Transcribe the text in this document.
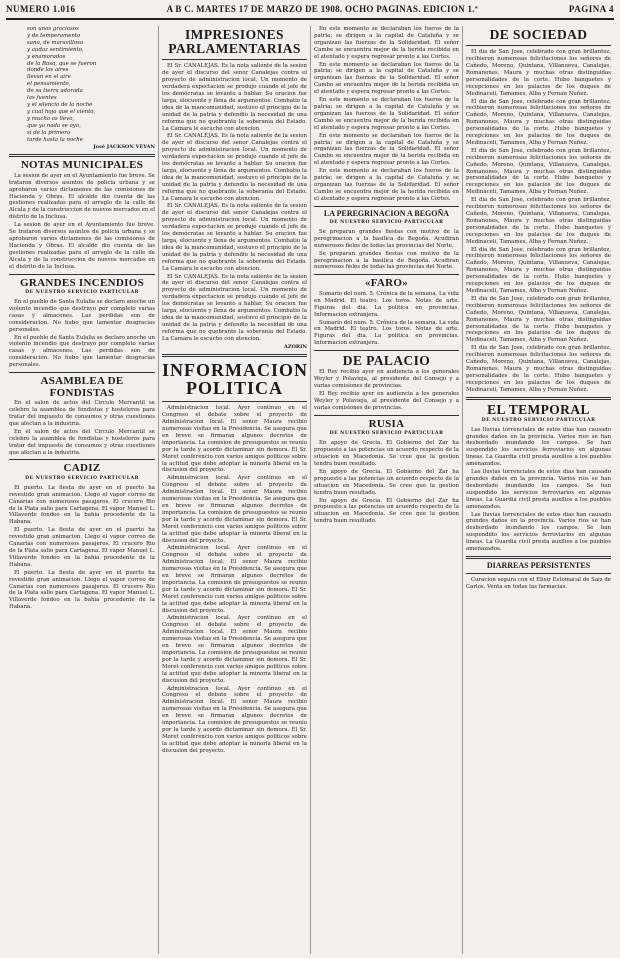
NUMERO 1.016	A B C. MARTES 17 DE MARZO DE 1908. OCHO PAGINAS. EDICION 1.ª	PAGINA 4
son unos graciosos
y de temperamento
sano, de maravilloso
y audaz sentimiento,
y enamorados
de la Rosa, que se fueron
donde los aires
llevan en el aire
el pensamiento,
de su tierra adorada
las fuentes
y el silencio de la noche
y cual hoja que el viento,
y mucho os llevo,
que ya nada se oyo,
si de la primera
tarde hasta la noche
José JACKSON VEYAN
NOTAS MUNICIPALES

La sesion de ayer en el Ayuntamiento fue breve. Se trataron diversos asuntos de policia urbana y se aprobaron varios dictamenes de las comisiones de Hacienda y Obras. El alcalde dio cuenta de las gestiones realizadas para el arreglo de la calle de Alcala y de la construccion de nuevos mercados en el distrito de la Inclusa.

La sesion de ayer en el Ayuntamiento fue breve. Se trataron diversos asuntos de policia urbana y se aprobaron varios dictamenes de las comisiones de Hacienda y Obras. El alcalde dio cuenta de las gestiones realizadas para el arreglo de la calle de Alcala y de la construccion de nuevos mercados en el distrito de la Inclusa.

GRANDES INCENDIOS
DE NUESTRO SERVICIO PARTICULAR

En el pueblo de Santa Eulalia se declaro anoche un violento incendio que destruyo por completo varias casas y almacenes. Las perdidas son de consideracion. No hubo que lamentar desgracias personales.

En el pueblo de Santa Eulalia se declaro anoche un violento incendio que destruyo por completo varias casas y almacenes. Las perdidas son de consideracion. No hubo que lamentar desgracias personales.

ASAMBLEA DE FONDISTAS

En el salon de actos del Circulo Mercantil se celebro la asamblea de fondistas y hosteleros para tratar del impuesto de consumos y otras cuestiones que afectan a la industria.

En el salon de actos del Circulo Mercantil se celebro la asamblea de fondistas y hosteleros para tratar del impuesto de consumos y otras cuestiones que afectan a la industria.

CADIZ
DE NUESTRO SERVICIO PARTICULAR

El puerto. La fiesta de ayer en el puerto ha revestido gran animacion. Llego el vapor correo de Canarias con numerosos pasajeros. El crucero Rio de la Plata salio para Cartagena. El vapor Manuel L. Villaverde fondeo en la bahia procedente de la Habana.

El puerto. La fiesta de ayer en el puerto ha revestido gran animacion. Llego el vapor correo de Canarias con numerosos pasajeros. El crucero Rio de la Plata salio para Cartagena. El vapor Manuel L. Villaverde fondeo en la bahia procedente de la Habana.

El puerto. La fiesta de ayer en el puerto ha revestido gran animacion. Llego el vapor correo de Canarias con numerosos pasajeros. El crucero Rio de la Plata salio para Cartagena. El vapor Manuel L. Villaverde fondeo en la bahia procedente de la Habana.

IMPRESIONES PARLAMENTARIAS

El Sr. CANALEJAS. Es la nota saliente de la sesion de ayer el discurso del senor Canalejas contra el proyecto de administracion local. Un momento de verdadera expectacion se produjo cuando el jefe de los demócratas se levanto a hablar. Su oracion fue larga, elocuente y llena de argumentos. Combatio la idea de la mancomunidad, sostuvo el principio de la unidad de la patria y defendio la necesidad de una reforma que no quebrante la soberania del Estado. La Camara le escucho con atencion.

El Sr. CANALEJAS. Es la nota saliente de la sesion de ayer el discurso del senor Canalejas contra el proyecto de administracion local. Un momento de verdadera expectacion se produjo cuando el jefe de los demócratas se levanto a hablar. Su oracion fue larga, elocuente y llena de argumentos. Combatio la idea de la mancomunidad, sostuvo el principio de la unidad de la patria y defendio la necesidad de una reforma que no quebrante la soberania del Estado. La Camara le escucho con atencion.

El Sr. CANALEJAS. Es la nota saliente de la sesion de ayer el discurso del senor Canalejas contra el proyecto de administracion local. Un momento de verdadera expectacion se produjo cuando el jefe de los demócratas se levanto a hablar. Su oracion fue larga, elocuente y llena de argumentos. Combatio la idea de la mancomunidad, sostuvo el principio de la unidad de la patria y defendio la necesidad de una reforma que no quebrante la soberania del Estado. La Camara le escucho con atencion.

El Sr. CANALEJAS. Es la nota saliente de la sesion de ayer el discurso del senor Canalejas contra el proyecto de administracion local. Un momento de verdadera expectacion se produjo cuando el jefe de los demócratas se levanto a hablar. Su oracion fue larga, elocuente y llena de argumentos. Combatio la idea de la mancomunidad, sostuvo el principio de la unidad de la patria y defendio la necesidad de una reforma que no quebrante la soberania del Estado. La Camara le escucho con atencion.

AZORIN
INFORMACION POLITICA

Administracion local. Ayer continuo en el Congreso el debate sobre el proyecto de Administracion local. El senor Maura recibio numerosas visitas en la Presidencia. Se asegura que en breve se firmaran algunos decretos de importancia. La comision de presupuestos se reunio por la tarde y acordo dictaminar sin demora. El Sr. Moret conferencio con varios amigos politicos sobre la actitud que debe adoptar la minoria liberal en la discusion del proyecto.

Administracion local. Ayer continuo en el Congreso el debate sobre el proyecto de Administracion local. El senor Maura recibio numerosas visitas en la Presidencia. Se asegura que en breve se firmaran algunos decretos de importancia. La comision de presupuestos se reunio por la tarde y acordo dictaminar sin demora. El Sr. Moret conferencio con varios amigos politicos sobre la actitud que debe adoptar la minoria liberal en la discusion del proyecto.

Administracion local. Ayer continuo en el Congreso el debate sobre el proyecto de Administracion local. El senor Maura recibio numerosas visitas en la Presidencia. Se asegura que en breve se firmaran algunos decretos de importancia. La comision de presupuestos se reunio por la tarde y acordo dictaminar sin demora. El Sr. Moret conferencio con varios amigos politicos sobre la actitud que debe adoptar la minoria liberal en la discusion del proyecto.

Administracion local. Ayer continuo en el Congreso el debate sobre el proyecto de Administracion local. El senor Maura recibio numerosas visitas en la Presidencia. Se asegura que en breve se firmaran algunos decretos de importancia. La comision de presupuestos se reunio por la tarde y acordo dictaminar sin demora. El Sr. Moret conferencio con varios amigos politicos sobre la actitud que debe adoptar la minoria liberal en la discusion del proyecto.

Administracion local. Ayer continuo en el Congreso el debate sobre el proyecto de Administracion local. El senor Maura recibio numerosas visitas en la Presidencia. Se asegura que en breve se firmaran algunos decretos de importancia. La comision de presupuestos se reunio por la tarde y acordo dictaminar sin demora. El Sr. Moret conferencio con varios amigos politicos sobre la actitud que debe adoptar la minoria liberal en la discusion del proyecto.

En este momento se declaraban los fueros de la patria; se dirigen a la capital de Cataluña y se organizan las fuerzas de la Solidaridad. El señor Cambo se encuentra mejor de la herida recibida en el atentado y espera regresar pronto a las Cortes.

En este momento se declaraban los fueros de la patria; se dirigen a la capital de Cataluña y se organizan las fuerzas de la Solidaridad. El señor Cambo se encuentra mejor de la herida recibida en el atentado y espera regresar pronto a las Cortes.

En este momento se declaraban los fueros de la patria; se dirigen a la capital de Cataluña y se organizan las fuerzas de la Solidaridad. El señor Cambo se encuentra mejor de la herida recibida en el atentado y espera regresar pronto a las Cortes.

En este momento se declaraban los fueros de la patria; se dirigen a la capital de Cataluña y se organizan las fuerzas de la Solidaridad. El señor Cambo se encuentra mejor de la herida recibida en el atentado y espera regresar pronto a las Cortes.

En este momento se declaraban los fueros de la patria; se dirigen a la capital de Cataluña y se organizan las fuerzas de la Solidaridad. El señor Cambo se encuentra mejor de la herida recibida en el atentado y espera regresar pronto a las Cortes.

LA PEREGRINACION A BEGOÑA
DE NUESTRO SERVICIO PARTICULAR

Se preparan grandes fiestas con motivo de la peregrinacion a la basilica de Begoña. Acudiran numerosos fieles de todas las provincias del Norte.

Se preparan grandes fiestas con motivo de la peregrinacion a la basilica de Begoña. Acudiran numerosos fieles de todas las provincias del Norte.

«FARO»

Sumario del num. 5. Crónica de la semana. La vida en Madrid. El teatro. Los toros. Notas de arte. Figuras del dia. La politica en provincias. Informacion extranjera.

Sumario del num. 5. Crónica de la semana. La vida en Madrid. El teatro. Los toros. Notas de arte. Figuras del dia. La politica en provincias. Informacion extranjera.

DE PALACIO

El Rey recibio ayer en audiencia a los generales Weyler y Polavieja, al presidente del Consejo y a varias comisiones de provincias.

El Rey recibio ayer en audiencia a los generales Weyler y Polavieja, al presidente del Consejo y a varias comisiones de provincias.

RUSIA
DE NUESTRO SERVICIO PARTICULAR

En apoyo de Grecia. El Gobierno del Zar ha propuesto a las potencias un acuerdo respecto de la situacion en Macedonia. Se cree que la gestion tendra buen resultado.

En apoyo de Grecia. El Gobierno del Zar ha propuesto a las potencias un acuerdo respecto de la situacion en Macedonia. Se cree que la gestion tendra buen resultado.

En apoyo de Grecia. El Gobierno del Zar ha propuesto a las potencias un acuerdo respecto de la situacion en Macedonia. Se cree que la gestion tendra buen resultado.

DE SOCIEDAD

El dia de San Jose, celebrado con gran brillantez, recibieron numerosas felicitaciones los señores de Cañedo, Moreno, Quintana, Villanueva, Canalejas, Romanones, Maura y muchas otras distinguidas personalidades de la corte. Hubo banquetes y recepciones en los palacios de los duques de Medinaceli, Tamames, Alba y Fernan Nuñez.

El dia de San Jose, celebrado con gran brillantez, recibieron numerosas felicitaciones los señores de Cañedo, Moreno, Quintana, Villanueva, Canalejas, Romanones, Maura y muchas otras distinguidas personalidades de la corte. Hubo banquetes y recepciones en los palacios de los duques de Medinaceli, Tamames, Alba y Fernan Nuñez.

El dia de San Jose, celebrado con gran brillantez, recibieron numerosas felicitaciones los señores de Cañedo, Moreno, Quintana, Villanueva, Canalejas, Romanones, Maura y muchas otras distinguidas personalidades de la corte. Hubo banquetes y recepciones en los palacios de los duques de Medinaceli, Tamames, Alba y Fernan Nuñez.

El dia de San Jose, celebrado con gran brillantez, recibieron numerosas felicitaciones los señores de Cañedo, Moreno, Quintana, Villanueva, Canalejas, Romanones, Maura y muchas otras distinguidas personalidades de la corte. Hubo banquetes y recepciones en los palacios de los duques de Medinaceli, Tamames, Alba y Fernan Nuñez.

El dia de San Jose, celebrado con gran brillantez, recibieron numerosas felicitaciones los señores de Cañedo, Moreno, Quintana, Villanueva, Canalejas, Romanones, Maura y muchas otras distinguidas personalidades de la corte. Hubo banquetes y recepciones en los palacios de los duques de Medinaceli, Tamames, Alba y Fernan Nuñez.

El dia de San Jose, celebrado con gran brillantez, recibieron numerosas felicitaciones los señores de Cañedo, Moreno, Quintana, Villanueva, Canalejas, Romanones, Maura y muchas otras distinguidas personalidades de la corte. Hubo banquetes y recepciones en los palacios de los duques de Medinaceli, Tamames, Alba y Fernan Nuñez.

El dia de San Jose, celebrado con gran brillantez, recibieron numerosas felicitaciones los señores de Cañedo, Moreno, Quintana, Villanueva, Canalejas, Romanones, Maura y muchas otras distinguidas personalidades de la corte. Hubo banquetes y recepciones en los palacios de los duques de Medinaceli, Tamames, Alba y Fernan Nuñez.

EL TEMPORAL
DE NUESTRO SERVICIO PARTICULAR

Las lluvias torrenciales de estos dias han causado grandes daños en la provincia. Varios rios se han desbordado inundando los campos. Se han suspendido los servicios ferroviarios en algunas lineas. La Guardia civil presta auxilios a los pueblos amenazados.

Las lluvias torrenciales de estos dias han causado grandes daños en la provincia. Varios rios se han desbordado inundando los campos. Se han suspendido los servicios ferroviarios en algunas lineas. La Guardia civil presta auxilios a los pueblos amenazados.

Las lluvias torrenciales de estos dias han causado grandes daños en la provincia. Varios rios se han desbordado inundando los campos. Se han suspendido los servicios ferroviarios en algunas lineas. La Guardia civil presta auxilios a los pueblos amenazados.

DIARREAS PERSISTENTES

Curacion segura con el Elixir Estomacal de Saiz de Carlos. Venta en todas las farmacias.
